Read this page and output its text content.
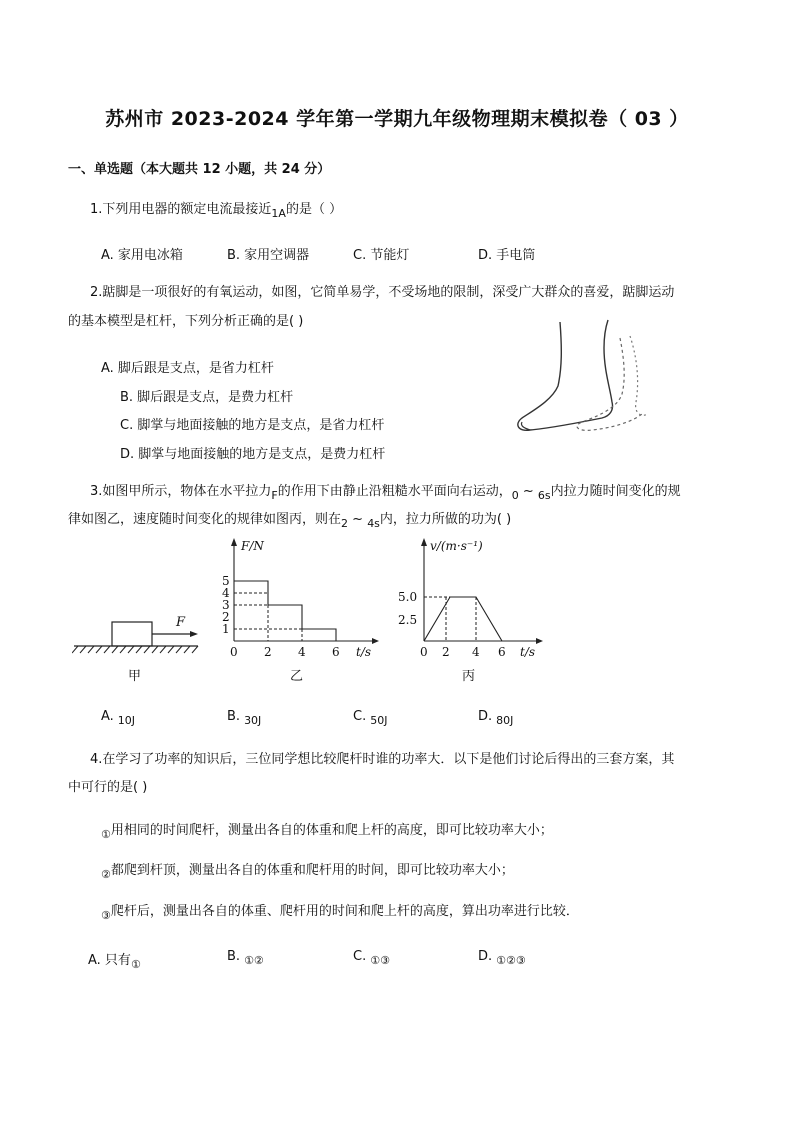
苏州市 2023-2024 学年第一学期九年级物理期末模拟卷（ 03 ）
一、单选题（本大题共 12 小题，共 24 分）
1.下列用电器的额定电流最接近$_{1A}$的是（ ）
A. 家用电冰箱	B. 家用空调器	C. 节能灯	D. 手电筒
2.踮脚是一项很好的有氧运动，如图，它简单易学，不受场地的限制，深受广大群众的喜爱，踮脚运动
的基本模型是杠杆，下列分析正确的是( )
A. 脚后跟是支点，是省力杠杆
B. 脚后跟是支点，是费力杠杆
C. 脚掌与地面接触的地方是支点，是省力杠杆
D. 脚掌与地面接触的地方是支点，是费力杠杆
3.如图甲所示，物体在水平拉力$_F$的作用下由静止沿粗糙水平面向右运动，$_0$ ~ $_{6s}$内拉力随时间变化的规
律如图乙，速度随时间变化的规律如图丙，则在$_2$ ~ $_{4s}$内，拉力所做的功为( )
F
甲
F/N
5
4
3
2
1
0 2 4 6 t/s
乙
v/(m·s⁻¹)
5.0
2.5
0 2 4 6 t/s
丙
A. $_{10J}$	B. $_{30J}$	C. $_{50J}$	D. $_{80J}$
4.在学习了功率的知识后，三位同学想比较爬杆时谁的功率大．以下是他们讨论后得出的三套方案，其
中可行的是( )
$_①$用相同的时间爬杆，测量出各自的体重和爬上杆的高度，即可比较功率大小；
$_②$都爬到杆顶，测量出各自的体重和爬杆用的时间，即可比较功率大小；
$_③$爬杆后，测量出各自的体重、爬杆用的时间和爬上杆的高度，算出功率进行比较．
A. 只有$_①$
B. $_{①②}$	C. $_{①③}$	D. $_{①②③}$
